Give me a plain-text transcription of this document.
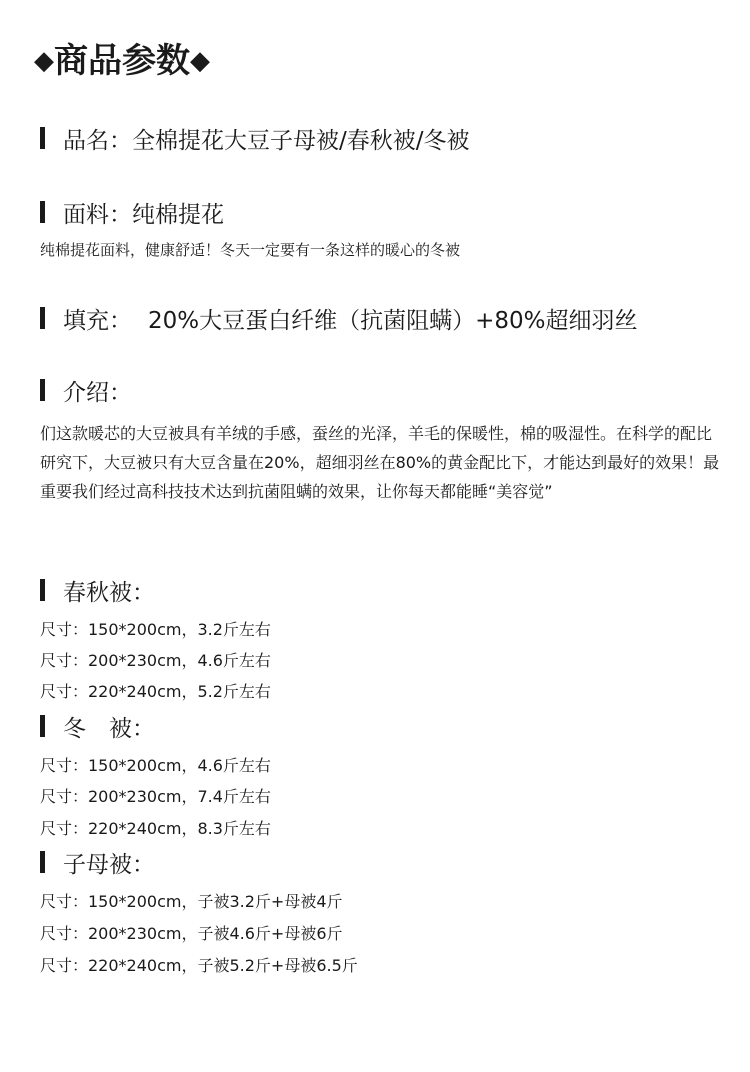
◆ 商品参数 ◆
品名： 全棉提花大豆子母被/春秋被/冬被
面料： 纯棉提花
纯棉提花面料，健康舒适！冬天一定要有一条这样的暖心的冬被
填充： 20%大豆蛋白纤维（抗菌阻螨）+80%超细羽丝
介绍：
们这款暖芯的大豆被具有羊绒的手感，蚕丝的光泽，羊毛的保暖性，棉的吸湿性。在科学的配比研究下，大豆被只有大豆含量在20%，超细羽丝在80%的黄金配比下，才能达到最好的效果！最重要我们经过高科技技术达到抗菌阻螨的效果，让你每天都能睡“美容觉”
春秋被：
尺寸：150*200cm，3.2斤左右
尺寸：200*230cm，4.6斤左右
尺寸：220*240cm，5.2斤左右
冬　被：
尺寸：150*200cm，4.6斤左右
尺寸：200*230cm，7.4斤左右
尺寸：220*240cm，8.3斤左右
子母被：
尺寸：150*200cm，子被3.2斤+母被4斤
尺寸：200*230cm，子被4.6斤+母被6斤
尺寸：220*240cm，子被5.2斤+母被6.5斤
